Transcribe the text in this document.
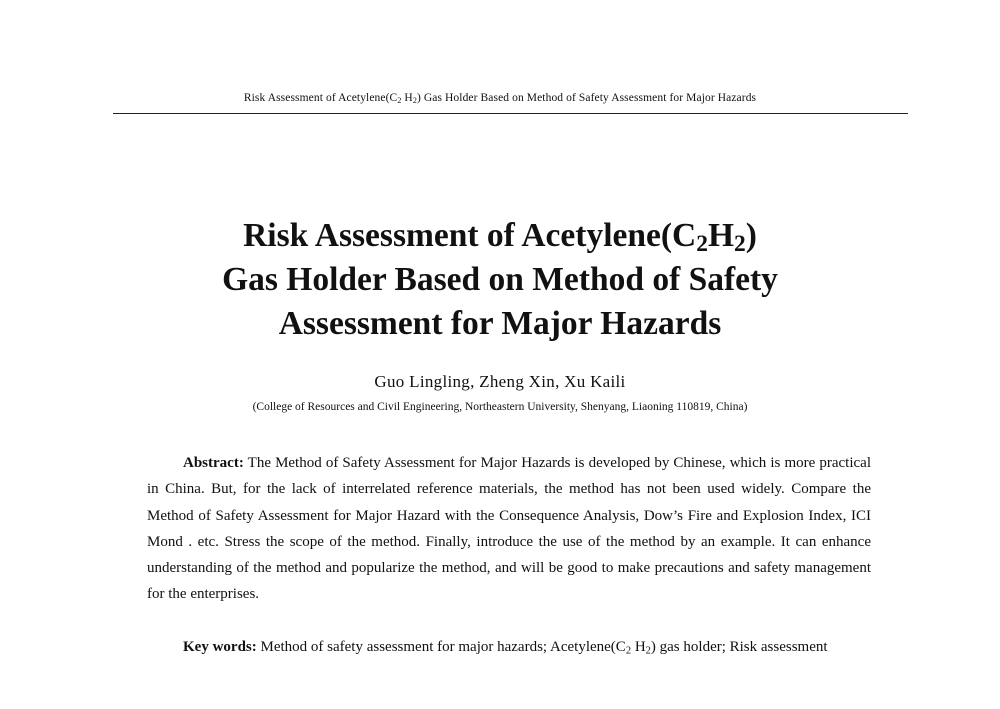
Risk Assessment of $Acetylene(C_2$ $H_2$) Gas Holder Based on Method of Safety Assessment for Major Hazards
Risk Assessment of $Acetylene(C_2H_2)$
Gas Holder Based on Method of Safety
Assessment for Major Hazards
Guo Lingling, Zheng Xin, Xu Kaili
(College of Resources and Civil Engineering, Northeastern University, Shenyang, Liaoning 110819, China)

Abstract: The Method of Safety Assessment for Major Hazards is developed by Chinese, which is more practical in China. But, for the lack of interrelated reference materials, the method has not been used widely. Compare the Method of Safety Assessment for Major Hazard with the Consequence Analysis, Dow’s Fire and Explosion Index, ICI Mond . etc. Stress the scope of the method. Finally, introduce the use of the method by an example. It can enhance understanding of the method and popularize the method, and will be good to make precautions and safety management for the enterprises.

Key words: Method of safety assessment for major hazards; $Acetylene(C_2$ $H_2$) gas holder; Risk assessment
